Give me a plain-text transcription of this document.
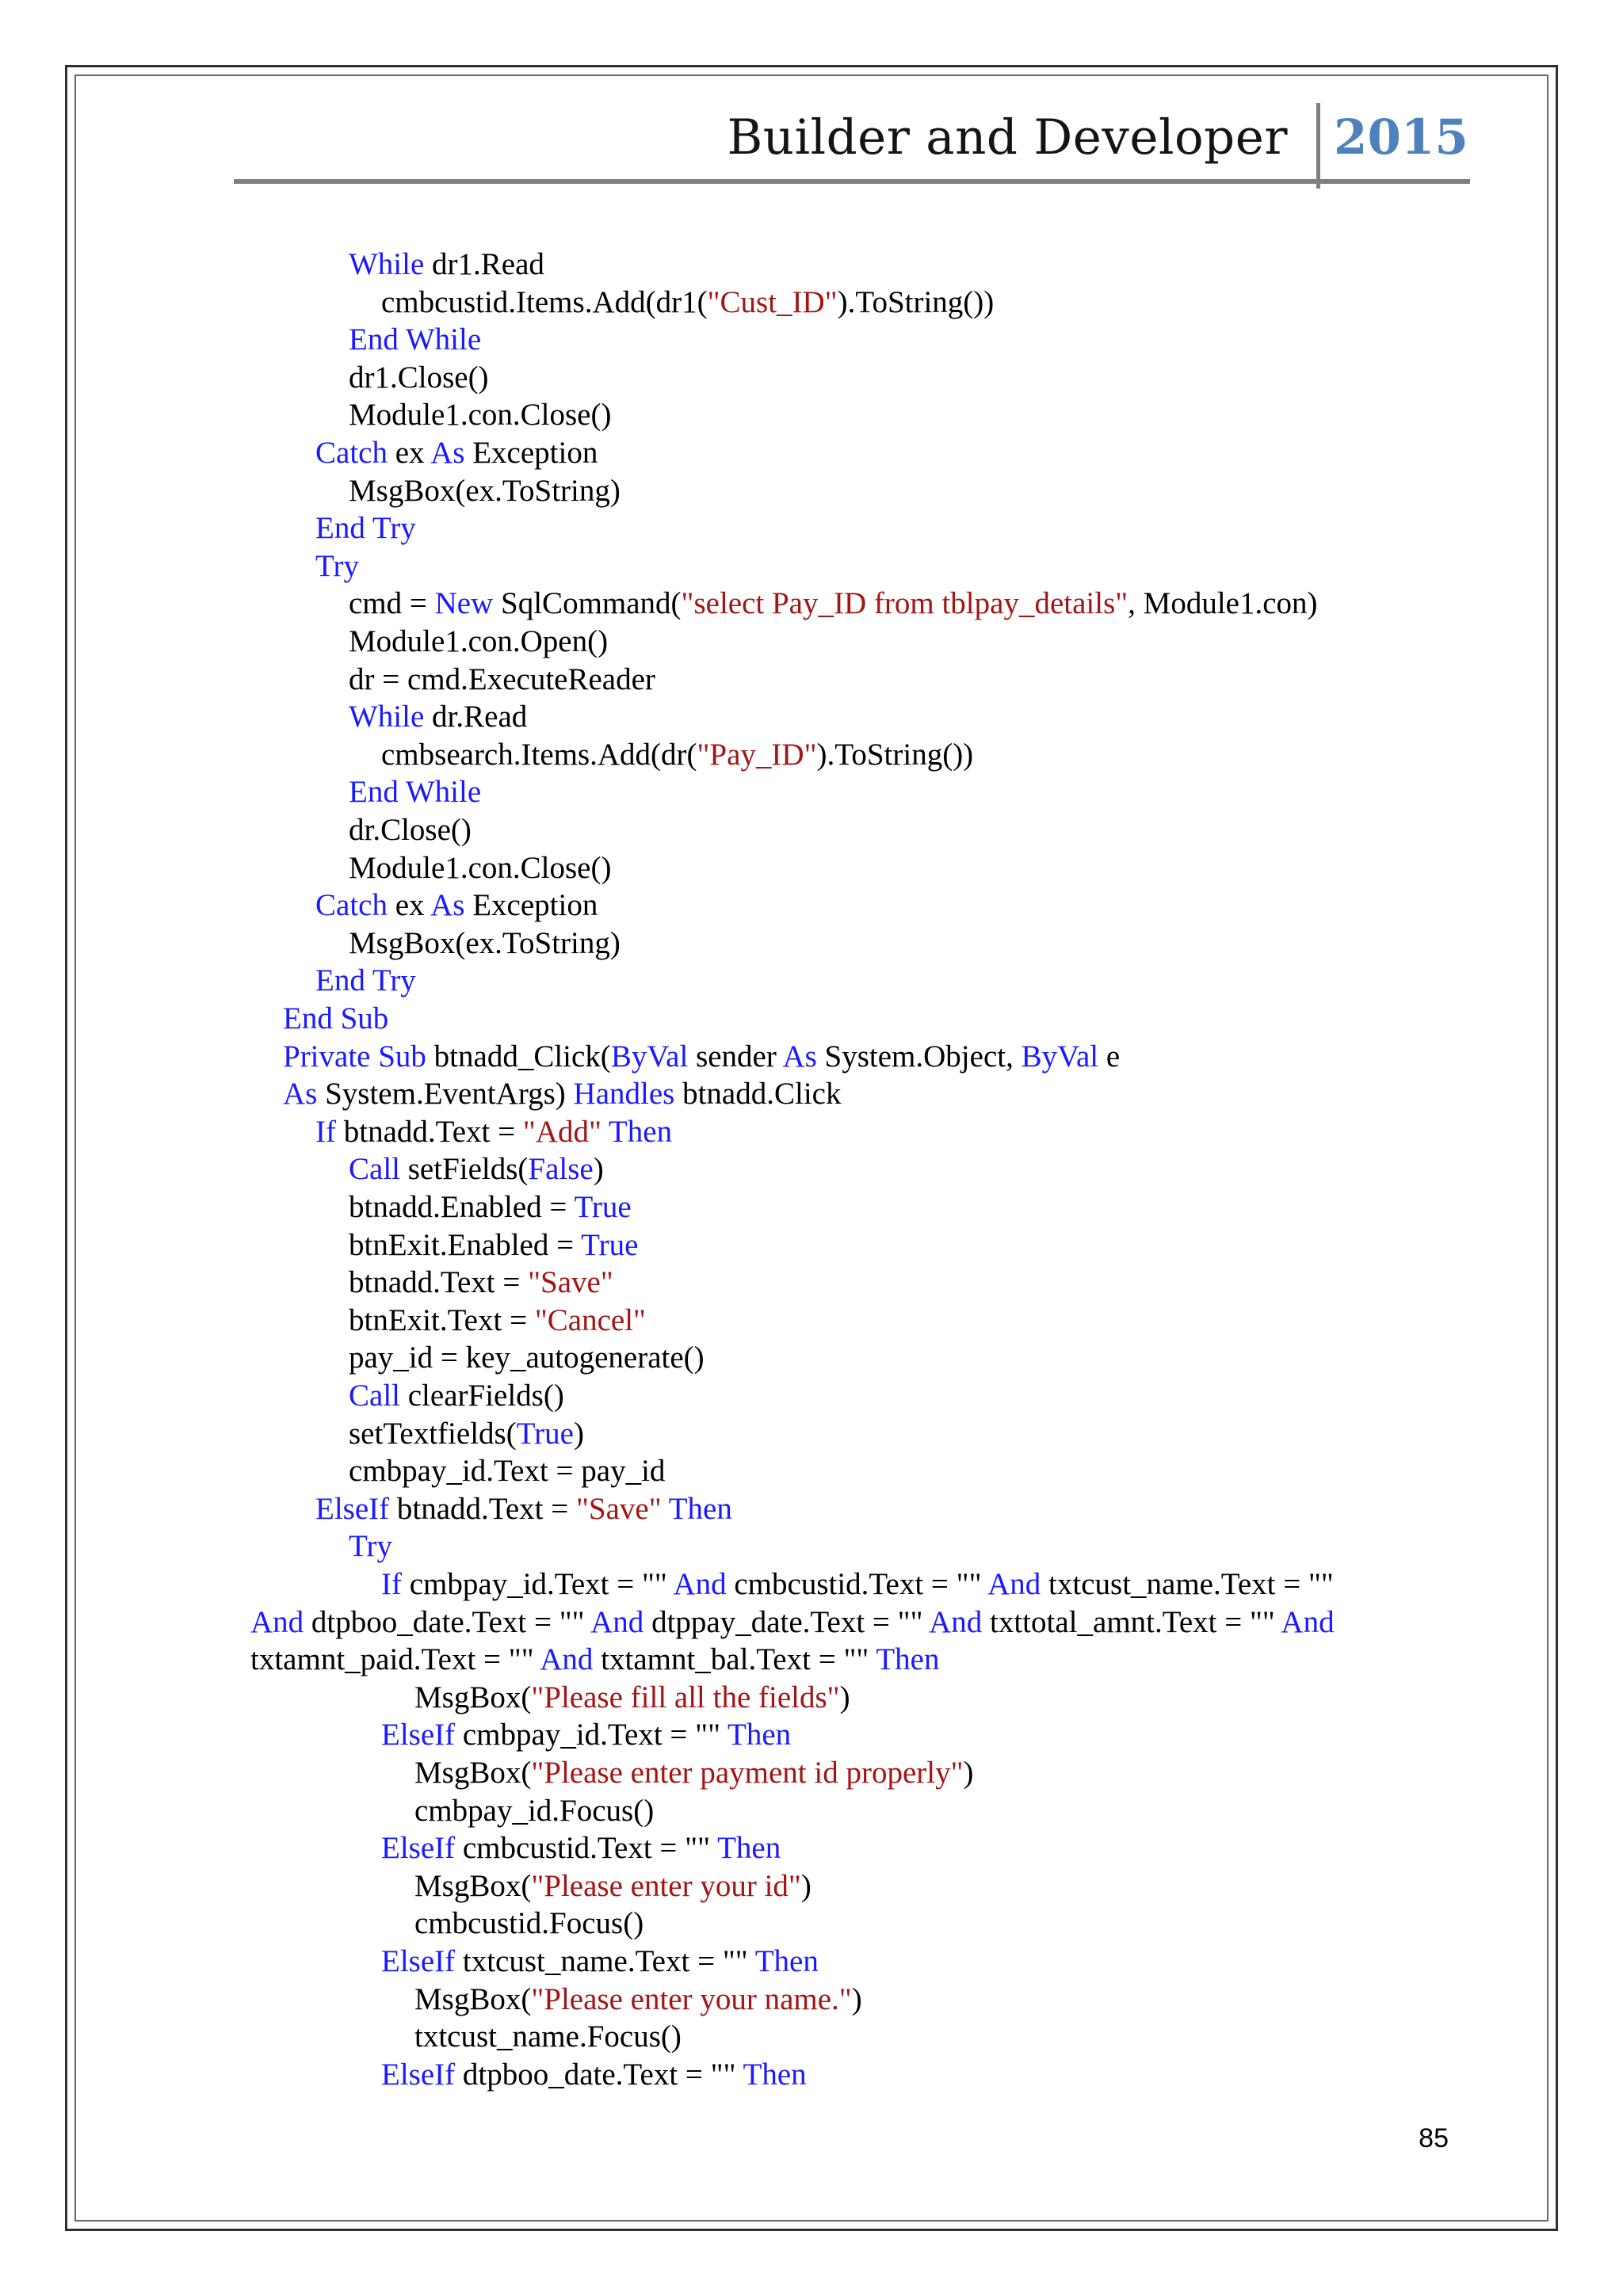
Builder and Developer 2015
While dr1.Read
cmbcustid.Items.Add(dr1("Cust_ID").ToString())
End While
dr1.Close()
Module1.con.Close()
Catch ex As Exception
MsgBox(ex.ToString)
End Try
Try
cmd = New SqlCommand("select Pay_ID from tblpay_details", Module1.con)
Module1.con.Open()
dr = cmd.ExecuteReader
While dr.Read
cmbsearch.Items.Add(dr("Pay_ID").ToString())
End While
dr.Close()
Module1.con.Close()
Catch ex As Exception
MsgBox(ex.ToString)
End Try
End Sub
Private Sub btnadd_Click(ByVal sender As System.Object, ByVal e
As System.EventArgs) Handles btnadd.Click
If btnadd.Text = "Add" Then
Call setFields(False)
btnadd.Enabled = True
btnExit.Enabled = True
btnadd.Text = "Save"
btnExit.Text = "Cancel"
pay_id = key_autogenerate()
Call clearFields()
setTextfields(True)
cmbpay_id.Text = pay_id
ElseIf btnadd.Text = "Save" Then
Try
If cmbpay_id.Text = "" And cmbcustid.Text = "" And txtcust_name.Text = ""
And dtpboo_date.Text = "" And dtppay_date.Text = "" And txttotal_amnt.Text = "" And
txtamnt_paid.Text = "" And txtamnt_bal.Text = "" Then
MsgBox("Please fill all the fields")
ElseIf cmbpay_id.Text = "" Then
MsgBox("Please enter payment id properly")
cmbpay_id.Focus()
ElseIf cmbcustid.Text = "" Then
MsgBox("Please enter your id")
cmbcustid.Focus()
ElseIf txtcust_name.Text = "" Then
MsgBox("Please enter your name.")
txtcust_name.Focus()
ElseIf dtpboo_date.Text = "" Then
85
